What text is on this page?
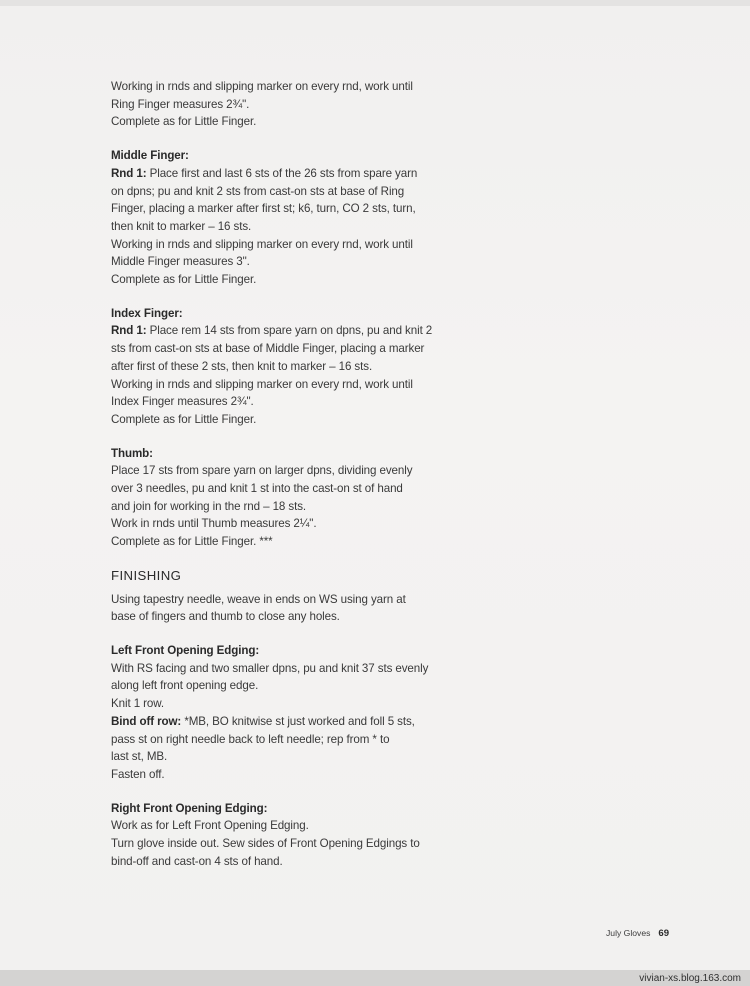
Working in rnds and slipping marker on every rnd, work until
Ring Finger measures 2¾".
Complete as for Little Finger.
Middle Finger:
Rnd 1: Place first and last 6 sts of the 26 sts from spare yarn
on dpns; pu and knit 2 sts from cast-on sts at base of Ring
Finger, placing a marker after first st; k6, turn, CO 2 sts, turn,
then knit to marker – 16 sts.
Working in rnds and slipping marker on every rnd, work until
Middle Finger measures 3".
Complete as for Little Finger.
Index Finger:
Rnd 1: Place rem 14 sts from spare yarn on dpns, pu and knit 2
sts from cast-on sts at base of Middle Finger, placing a marker
after first of these 2 sts, then knit to marker – 16 sts.
Working in rnds and slipping marker on every rnd, work until
Index Finger measures 2¾".
Complete as for Little Finger.
Thumb:
Place 17 sts from spare yarn on larger dpns, dividing evenly
over 3 needles, pu and knit 1 st into the cast-on st of hand
and join for working in the rnd – 18 sts.
Work in rnds until Thumb measures 2¼".
Complete as for Little Finger. ***
FINISHING
Using tapestry needle, weave in ends on WS using yarn at
base of fingers and thumb to close any holes.
Left Front Opening Edging:
With RS facing and two smaller dpns, pu and knit 37 sts evenly
along left front opening edge.
Knit 1 row.
Bind off row: *MB, BO knitwise st just worked and foll 5 sts,
pass st on right needle back to left needle; rep from * to
last st, MB.
Fasten off.
Right Front Opening Edging:
Work as for Left Front Opening Edging.
Turn glove inside out. Sew sides of Front Opening Edgings to
bind-off and cast-on 4 sts of hand.
July Gloves 69
vivian-xs.blog.163.com
